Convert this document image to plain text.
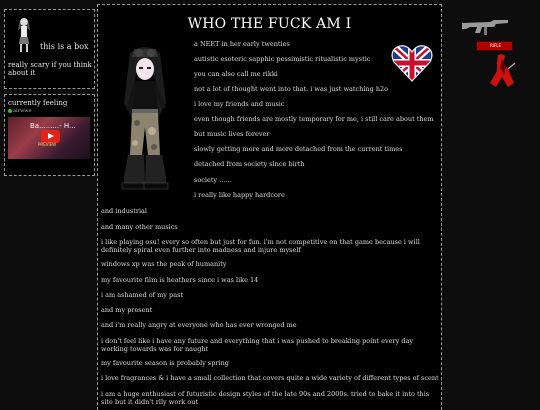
this is a box
really scary if you think about it
currently feeling
airwwe
Ba.........- H...
PREVIEW
WHO THE FUCK AM I
a NEET in her early twenties
autistic esoteric sapphic pessimistic ritualistic mystic
you can also call me rikki
not a lot of thought went into that. i was just watching h2o
i love my friends and music
even though friends are mostly temporary for me, i still care about them
but music lives forever
slowly getting more and more detached from the current times
detached from society since birth
society ......
i really like happy hardcore
and industrial
and many other musics
i like playing osu! every so often but just for fun. i'm not competitive on that game because i will definitely spiral even further into madness and injure myself
windows xp was the peak of humanity
my favourite film is heathers since i was like 14
i am ashamed of my past
and my present
and i'm really angry at everyone who has ever wronged me
i don't feel like i have any future and everything that i was pushed to breaking point every day working towards was for naught
my favourite season is probably spring
i love fragrances & i have a small collection that covers quite a wide variety of different types of scent
i am a huge enthusiast of futuristic design styles of the late 90s and 2000s. tried to bake it into this site but it didn't rlly work out
RIFLE
